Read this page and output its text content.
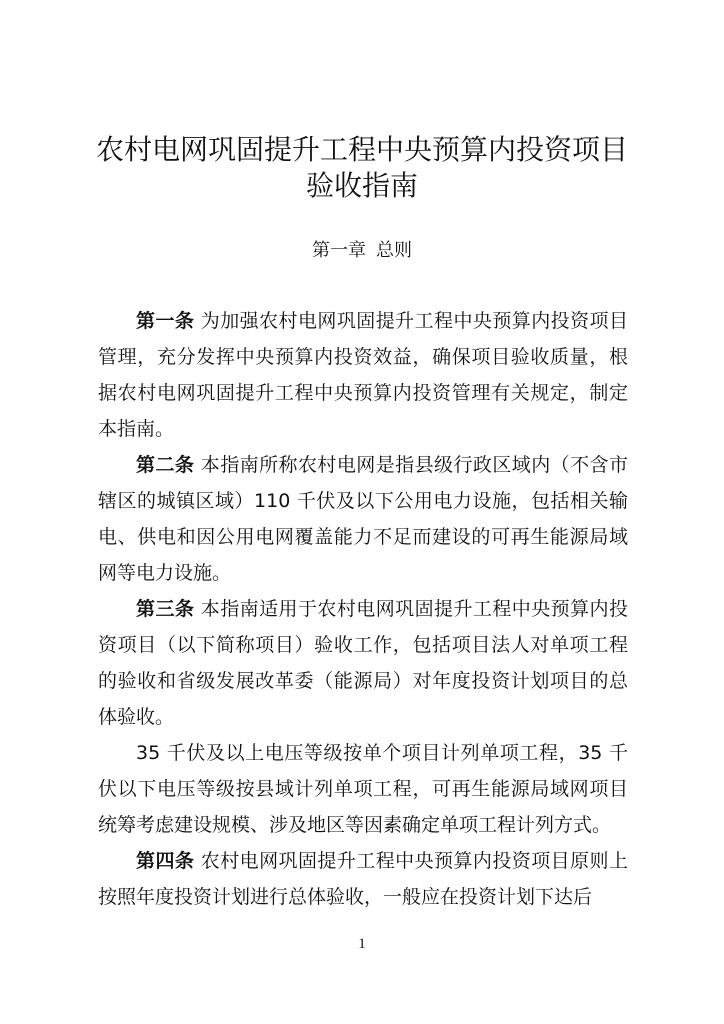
农村电网巩固提升工程中央预算内投资项目
验收指南
第一章 总则

第一条 为加强农村电网巩固提升工程中央预算内投资项目管理，充分发挥中央预算内投资效益，确保项目验收质量，根据农村电网巩固提升工程中央预算内投资管理有关规定，制定本指南。

第二条 本指南所称农村电网是指县级行政区域内（不含市辖区的城镇区域）110 千伏及以下公用电力设施，包括相关输电、供电和因公用电网覆盖能力不足而建设的可再生能源局域网等电力设施。

第三条 本指南适用于农村电网巩固提升工程中央预算内投资项目（以下简称项目）验收工作，包括项目法人对单项工程的验收和省级发展改革委（能源局）对年度投资计划项目的总体验收。

35 千伏及以上电压等级按单个项目计列单项工程，35 千伏以下电压等级按县域计列单项工程，可再生能源局域网项目统筹考虑建设规模、涉及地区等因素确定单项工程计列方式。

第四条 农村电网巩固提升工程中央预算内投资项目原则上按照年度投资计划进行总体验收，一般应在投资计划下达后

1
